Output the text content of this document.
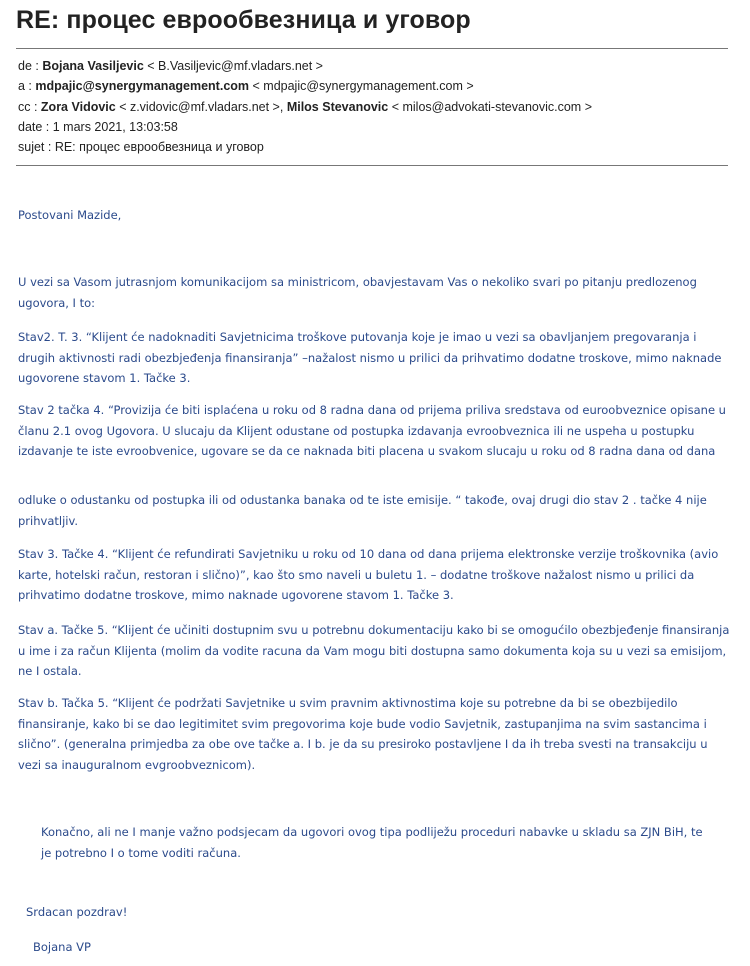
RE: процес еврообвезница и уговор
de : Bojana Vasiljevic < B.Vasiljevic@mf.vladars.net >
a : mdpajic@synergymanagement.com < mdpajic@synergymanagement.com >
cc : Zora Vidovic < z.vidovic@mf.vladars.net >, Milos Stevanovic < milos@advokati-stevanovic.com >
date : 1 mars 2021, 13:03:58
sujet : RE: процес еврообвезница и уговор

Postovani Mazide,

U vezi sa Vasom jutrasnjom komunikacijom sa ministricom, obavjestavam Vas o nekoliko svari po pitanju predlozenog ugovora, I to:

Stav2. T. 3. “Klijent će nadoknaditi Savjetnicima troškove putovanja koje je imao u vezi sa obavljanjem pregovaranja i drugih aktivnosti radi obezbjeđenja finansiranja” –nažalost nismo u prilici da prihvatimo dodatne troskove, mimo naknade ugovorene stavom 1. Tačke 3.

Stav 2 tačka 4. “Provizija će biti isplaćena u roku od 8 radna dana od prijema priliva sredstava od euroobveznice opisane u članu 2.1 ovog Ugovora. U slucaju da Klijent odustane od postupka izdavanja evroobveznica ili ne uspeha u postupku izdavanje te iste evroobvenice, ugovare se da ce naknada biti placena u svakom slucaju u roku od 8 radna dana od dana

odluke o odustanku od postupka ili od odustanka banaka od te iste emisije. “ takođe, ovaj drugi dio stav 2 . tačke 4 nije prihvatljiv.

Stav 3. Tačke 4. “Klijent će refundirati Savjetniku u roku od 10 dana od dana prijema elektronske verzije troškovnika (avio karte, hotelski račun, restoran i slično)”, kao što smo naveli u buletu 1. – dodatne troškove nažalost nismo u prilici da prihvatimo dodatne troskove, mimo naknade ugovorene stavom 1. Tačke 3.

Stav a. Tačke 5. “Klijent će učiniti dostupnim svu u potrebnu dokumentaciju kako bi se omogućilo obezbjeđenje finansiranja u ime i za račun Klijenta (molim da vodite racuna da Vam mogu biti dostupna samo dokumenta koja su u vezi sa emisijom, ne I ostala.

Stav b. Tačka 5. “Klijent će podržati Savjetnike u svim pravnim aktivnostima koje su potrebne da bi se obezbijedilo finansiranje, kako bi se dao legitimitet svim pregovorima koje bude vodio Savjetnik, zastupanjima na svim sastancima i slično”. (generalna primjedba za obe ove tačke a. I b. je da su presiroko postavljene I da ih treba svesti na transakciju u vezi sa inauguralnom evgroobveznicom).

Konačno, ali ne I manje važno podsjecam da ugovori ovog tipa podliježu proceduri nabavke u skladu sa ZJN BiH, te je potrebno I o tome voditi računa.

Srdacan pozdrav!

Bojana VP
